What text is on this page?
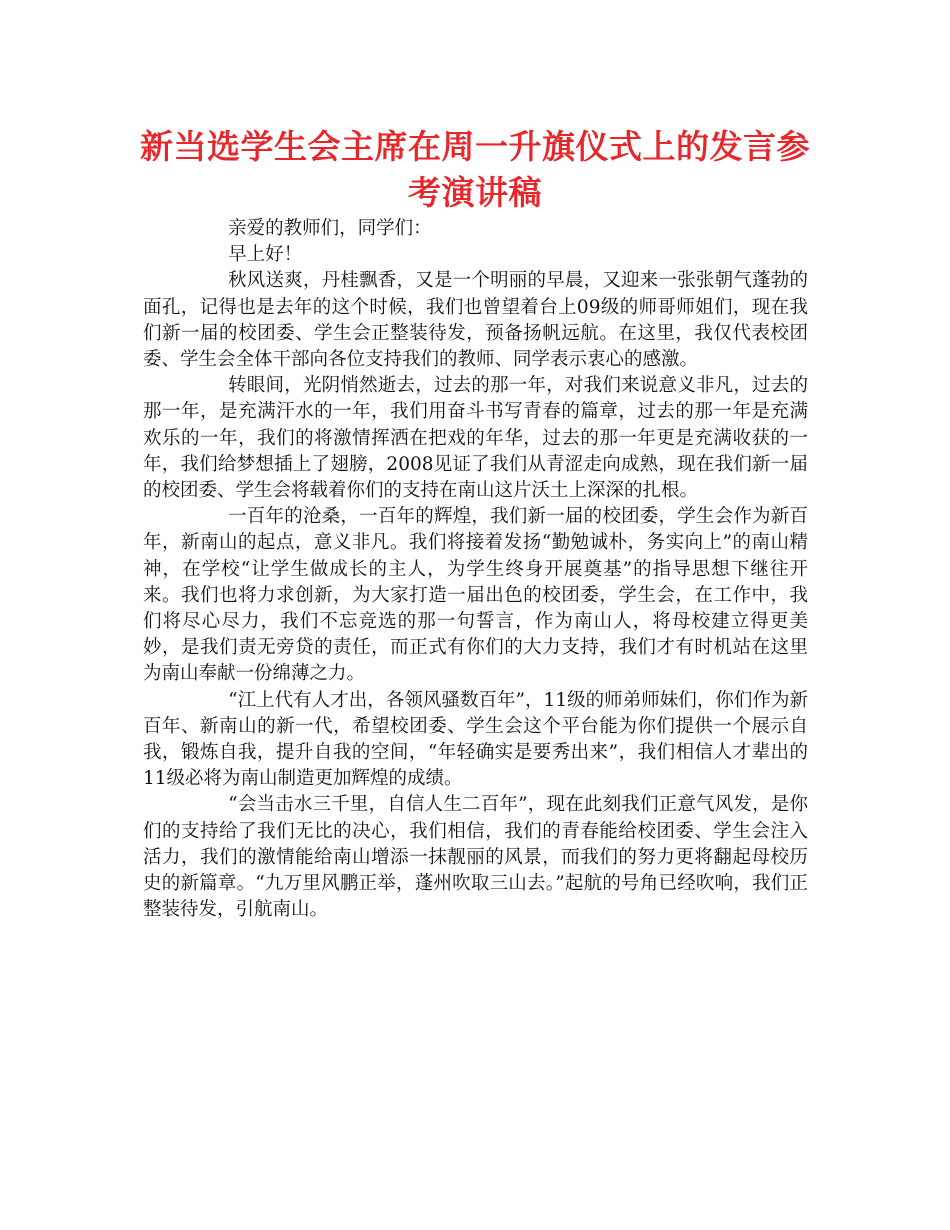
新当选学生会主席在周一升旗仪式上的发言参考演讲稿

亲爱的教师们，同学们：

早上好！

秋风送爽，丹桂飘香，又是一个明丽的早晨，又迎来一张张朝气蓬勃的面孔，记得也是去年的这个时候，我们也曾望着台上09级的师哥师姐们，现在我们新一届的校团委、学生会正整装待发，预备扬帆远航。在这里，我仅代表校团委、学生会全体干部向各位支持我们的教师、同学表示衷心的感激。

转眼间，光阴悄然逝去，过去的那一年，对我们来说意义非凡，过去的那一年，是充满汗水的一年，我们用奋斗书写青春的篇章，过去的那一年是充满欢乐的一年，我们的将激情挥洒在把戏的年华，过去的那一年更是充满收获的一年，我们给梦想插上了翅膀，2008见证了我们从青涩走向成熟，现在我们新一届的校团委、学生会将载着你们的支持在南山这片沃土上深深的扎根。

一百年的沧桑，一百年的辉煌，我们新一届的校团委，学生会作为新百年，新南山的起点，意义非凡。我们将接着发扬“勤勉诚朴，务实向上”的南山精神，在学校“让学生做成长的主人，为学生终身开展奠基”的指导思想下继往开来。我们也将力求创新，为大家打造一届出色的校团委，学生会，在工作中，我们将尽心尽力，我们不忘竞选的那一句誓言，作为南山人，将母校建立得更美妙，是我们责无旁贷的责任，而正式有你们的大力支持，我们才有时机站在这里为南山奉献一份绵薄之力。

“江上代有人才出，各领风骚数百年”，11级的师弟师妹们，你们作为新百年、新南山的新一代，希望校团委、学生会这个平台能为你们提供一个展示自我，锻炼自我，提升自我的空间，“年轻确实是要秀出来”，我们相信人才辈出的11级必将为南山制造更加辉煌的成绩。

“会当击水三千里，自信人生二百年”，现在此刻我们正意气风发，是你们的支持给了我们无比的决心，我们相信，我们的青春能给校团委、学生会注入活力，我们的激情能给南山增添一抹靓丽的风景，而我们的努力更将翻起母校历史的新篇章。“九万里风鹏正举，蓬州吹取三山去。”起航的号角已经吹响，我们正整装待发，引航南山。
